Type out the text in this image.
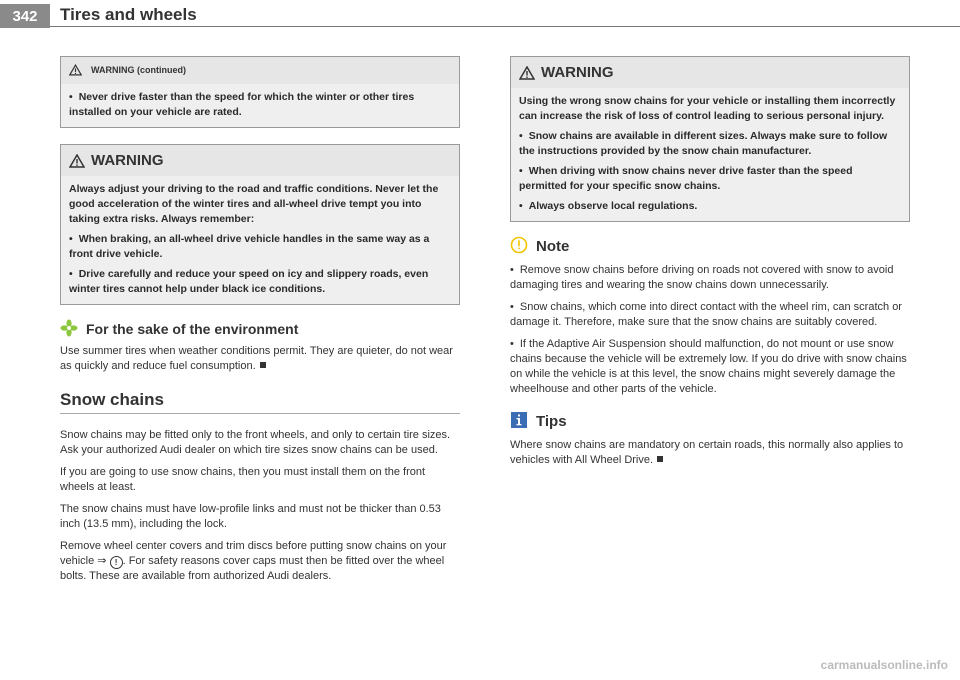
342	Tires and wheels
WARNING (continued)

• Never drive faster than the speed for which the winter or other tires installed on your vehicle are rated.

WARNING

Always adjust your driving to the road and traffic conditions. Never let the good acceleration of the winter tires and all-wheel drive tempt you into taking extra risks. Always remember:

• When braking, an all-wheel drive vehicle handles in the same way as a front drive vehicle.

• Drive carefully and reduce your speed on icy and slippery roads, even winter tires cannot help under black ice conditions.

For the sake of the environment

Use summer tires when weather conditions permit. They are quieter, do not wear as quickly and reduce fuel consumption.

Snow chains

Snow chains may be fitted only to the front wheels, and only to certain tire sizes. Ask your authorized Audi dealer on which tire sizes snow chains can be used.

If you are going to use snow chains, then you must install them on the front wheels at least.

The snow chains must have low-profile links and must not be thicker than 0.53 inch (13.5 mm), including the lock.

Remove wheel center covers and trim discs before putting snow chains on your vehicle ⇒ ! . For safety reasons cover caps must then be fitted over the wheel bolts. These are available from authorized Audi dealers.

WARNING

Using the wrong snow chains for your vehicle or installing them incorrectly can increase the risk of loss of control leading to serious personal injury.

• Snow chains are available in different sizes. Always make sure to follow the instructions provided by the snow chain manufacturer.

• When driving with snow chains never drive faster than the speed permitted for your specific snow chains.

• Always observe local regulations.

Note

• Remove snow chains before driving on roads not covered with snow to avoid damaging tires and wearing the snow chains down unnecessarily.

• Snow chains, which come into direct contact with the wheel rim, can scratch or damage it. Therefore, make sure that the snow chains are suitably covered.

• If the Adaptive Air Suspension should malfunction, do not mount or use snow chains because the vehicle will be extremely low. If you do drive with snow chains on while the vehicle is at this level, the snow chains might severely damage the wheelhouse and other parts of the vehicle.

Tips

Where snow chains are mandatory on certain roads, this normally also applies to vehicles with All Wheel Drive.

carmanualsonline.info
